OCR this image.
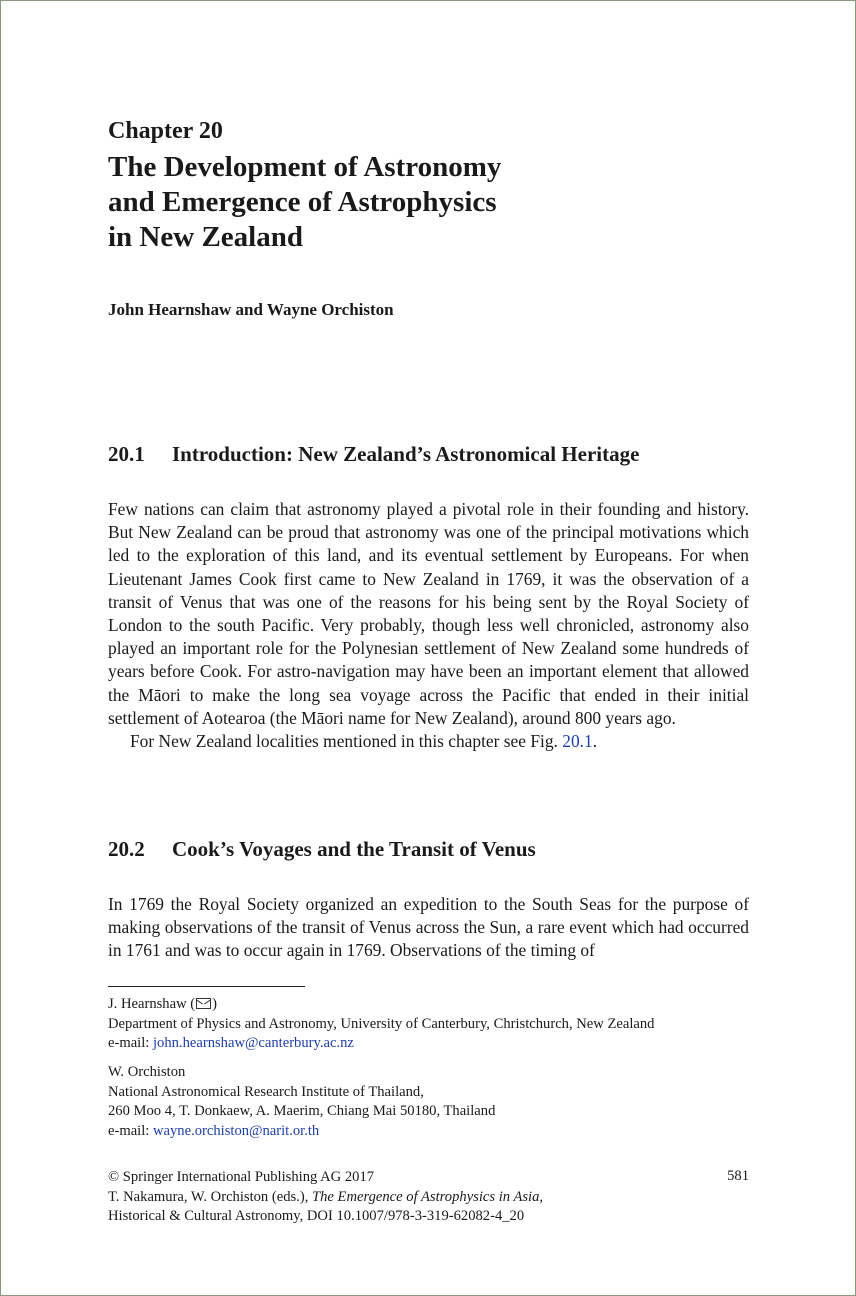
Chapter 20
The Development of Astronomy
and Emergence of Astrophysics
in New Zealand
John Hearnshaw and Wayne Orchiston
20.1 Introduction: New Zealand’s Astronomical Heritage

Few nations can claim that astronomy played a pivotal role in their founding and history. But New Zealand can be proud that astronomy was one of the principal motivations which led to the exploration of this land, and its eventual settlement by Europeans. For when Lieutenant James Cook first came to New Zealand in 1769, it was the observation of a transit of Venus that was one of the reasons for his being sent by the Royal Society of London to the south Pacific. Very probably, though less well chronicled, astronomy also played an important role for the Polynesian settlement of New Zealand some hundreds of years before Cook. For astro-navigation may have been an important element that allowed the Māori to make the long sea voyage across the Pacific that ended in their initial settlement of Aotearoa (the Māori name for New Zealand), around 800 years ago.

For New Zealand localities mentioned in this chapter see Fig. 20.1.

20.2 Cook’s Voyages and the Transit of Venus

In 1769 the Royal Society organized an expedition to the South Seas for the purpose of making observations of the transit of Venus across the Sun, a rare event which had occurred in 1761 and was to occur again in 1769. Observations of the timing of

J. Hearnshaw ( )
Department of Physics and Astronomy, University of Canterbury, Christchurch, New Zealand
e-mail: john.hearnshaw@canterbury.ac.nz
W. Orchiston
National Astronomical Research Institute of Thailand,
260 Moo 4, T. Donkaew, A. Maerim, Chiang Mai 50180, Thailand
e-mail: wayne.orchiston@narit.or.th
© Springer International Publishing AG 2017
T. Nakamura, W. Orchiston (eds.), The Emergence of Astrophysics in Asia,
Historical & Cultural Astronomy, DOI 10.1007/978-3-319-62082-4_20
581
